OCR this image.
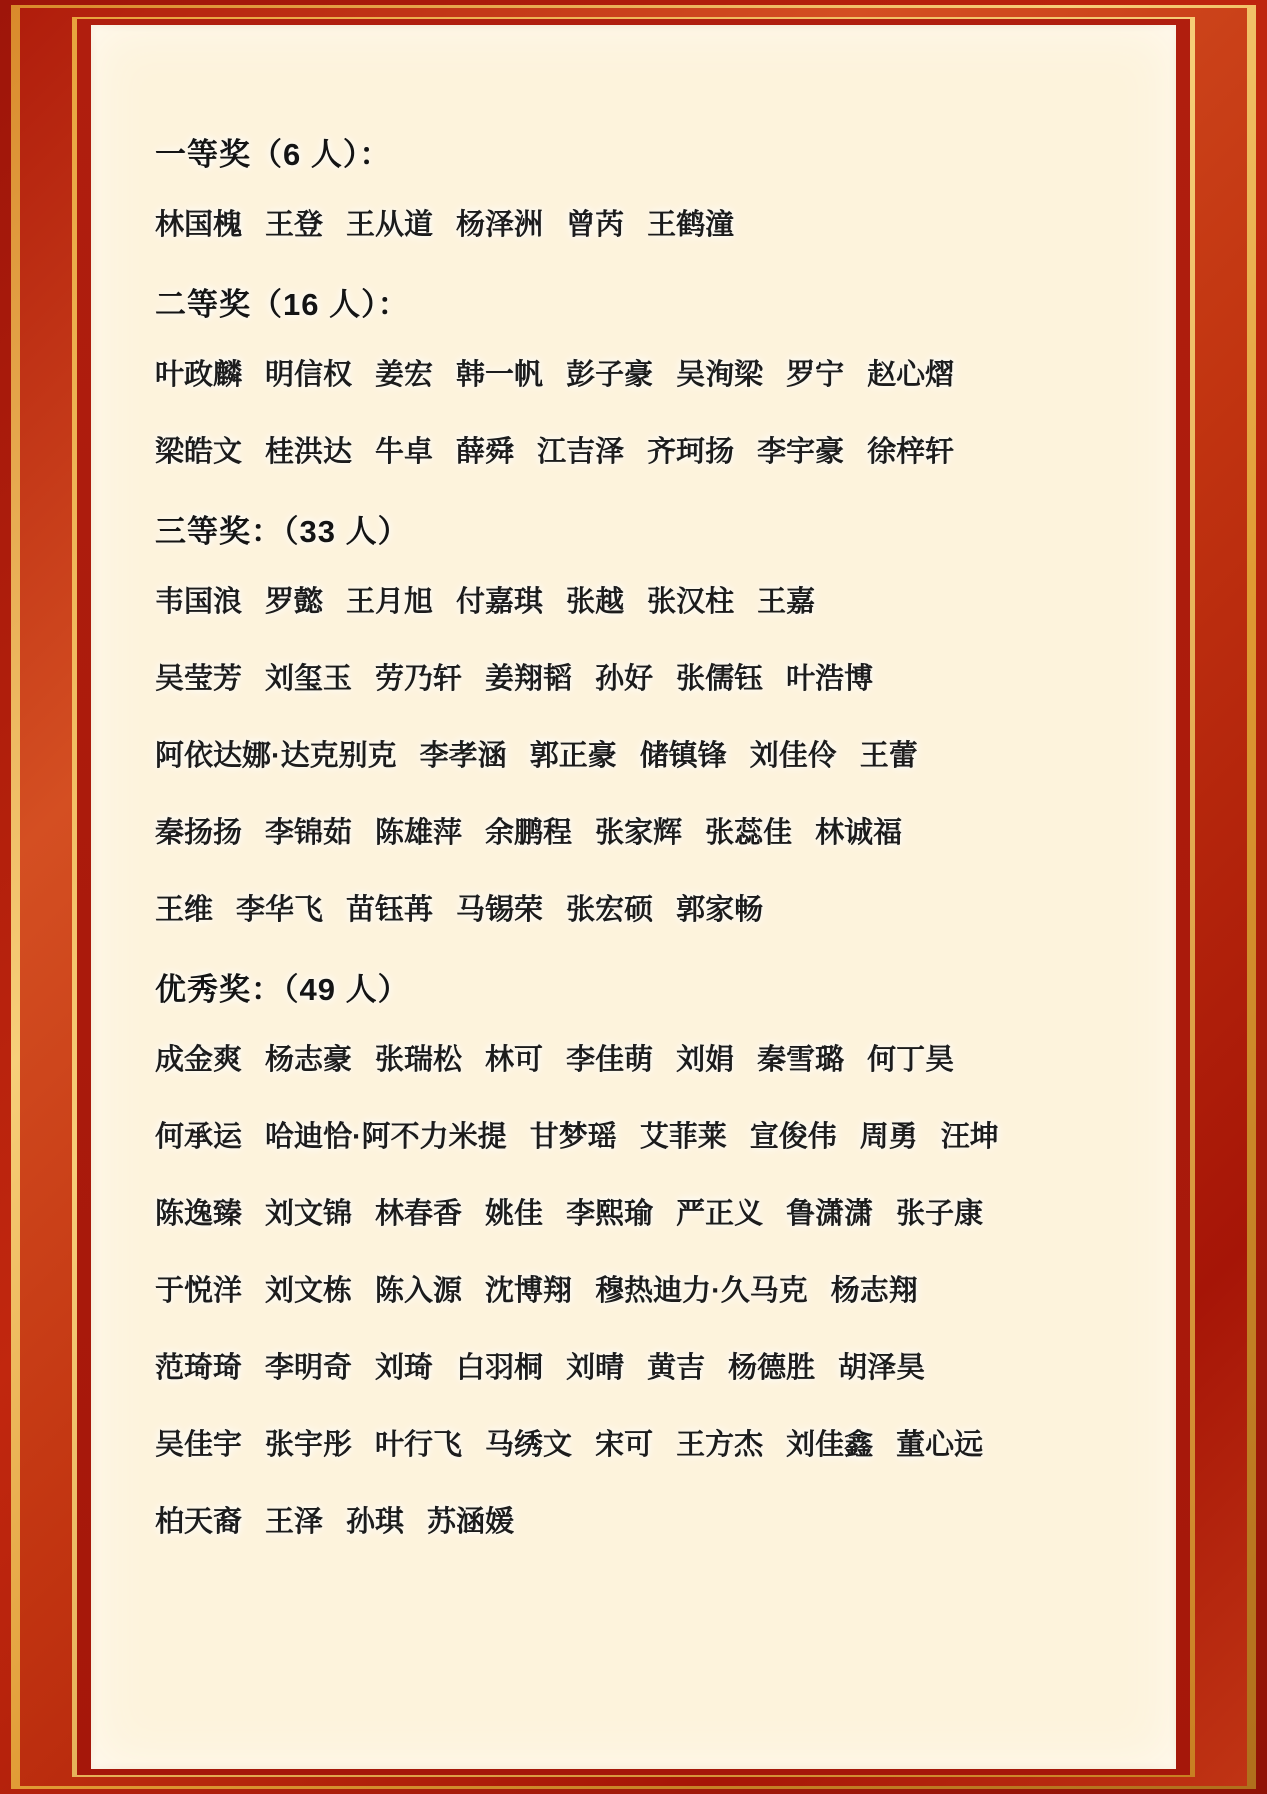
一等奖（6 人）：

林国槐 王登 王从道 杨泽洲 曾芮 王鹤潼

二等奖（16 人）：

叶政麟 明信权 姜宏 韩一帆 彭子豪 吴洵梁 罗宁 赵心熠

梁皓文 桂洪达 牛卓 薛舜 江吉泽 齐珂扬 李宇豪 徐梓轩

三等奖：（33 人）

韦国浪 罗懿 王月旭 付嘉琪 张越 张汉柱 王嘉

吴莹芳 刘玺玉 劳乃轩 姜翔韬 孙好 张儒钰 叶浩博

阿依达娜·达克别克 李孝涵 郭正豪 储镇锋 刘佳伶 王蕾

秦扬扬 李锦茹 陈雄萍 余鹏程 张家辉 张蕊佳 林诚福

王维 李华飞 苗钰苒 马锡荣 张宏硕 郭家畅

优秀奖：（49 人）

成金爽 杨志豪 张瑞松 林可 李佳萌 刘娟 秦雪璐 何丁昊

何承运 哈迪恰·阿不力米提 甘梦瑶 艾菲莱 宣俊伟 周勇 汪坤

陈逸臻 刘文锦 林春香 姚佳 李熙瑜 严正义 鲁潇潇 张子康

于悦洋 刘文栋 陈入源 沈博翔 穆热迪力·久马克 杨志翔

范琦琦 李明奇 刘琦 白羽桐 刘晴 黄吉 杨德胜 胡泽昊

吴佳宇 张宇彤 叶行飞 马绣文 宋可 王方杰 刘佳鑫 董心远

柏天裔 王泽 孙琪 苏涵媛
